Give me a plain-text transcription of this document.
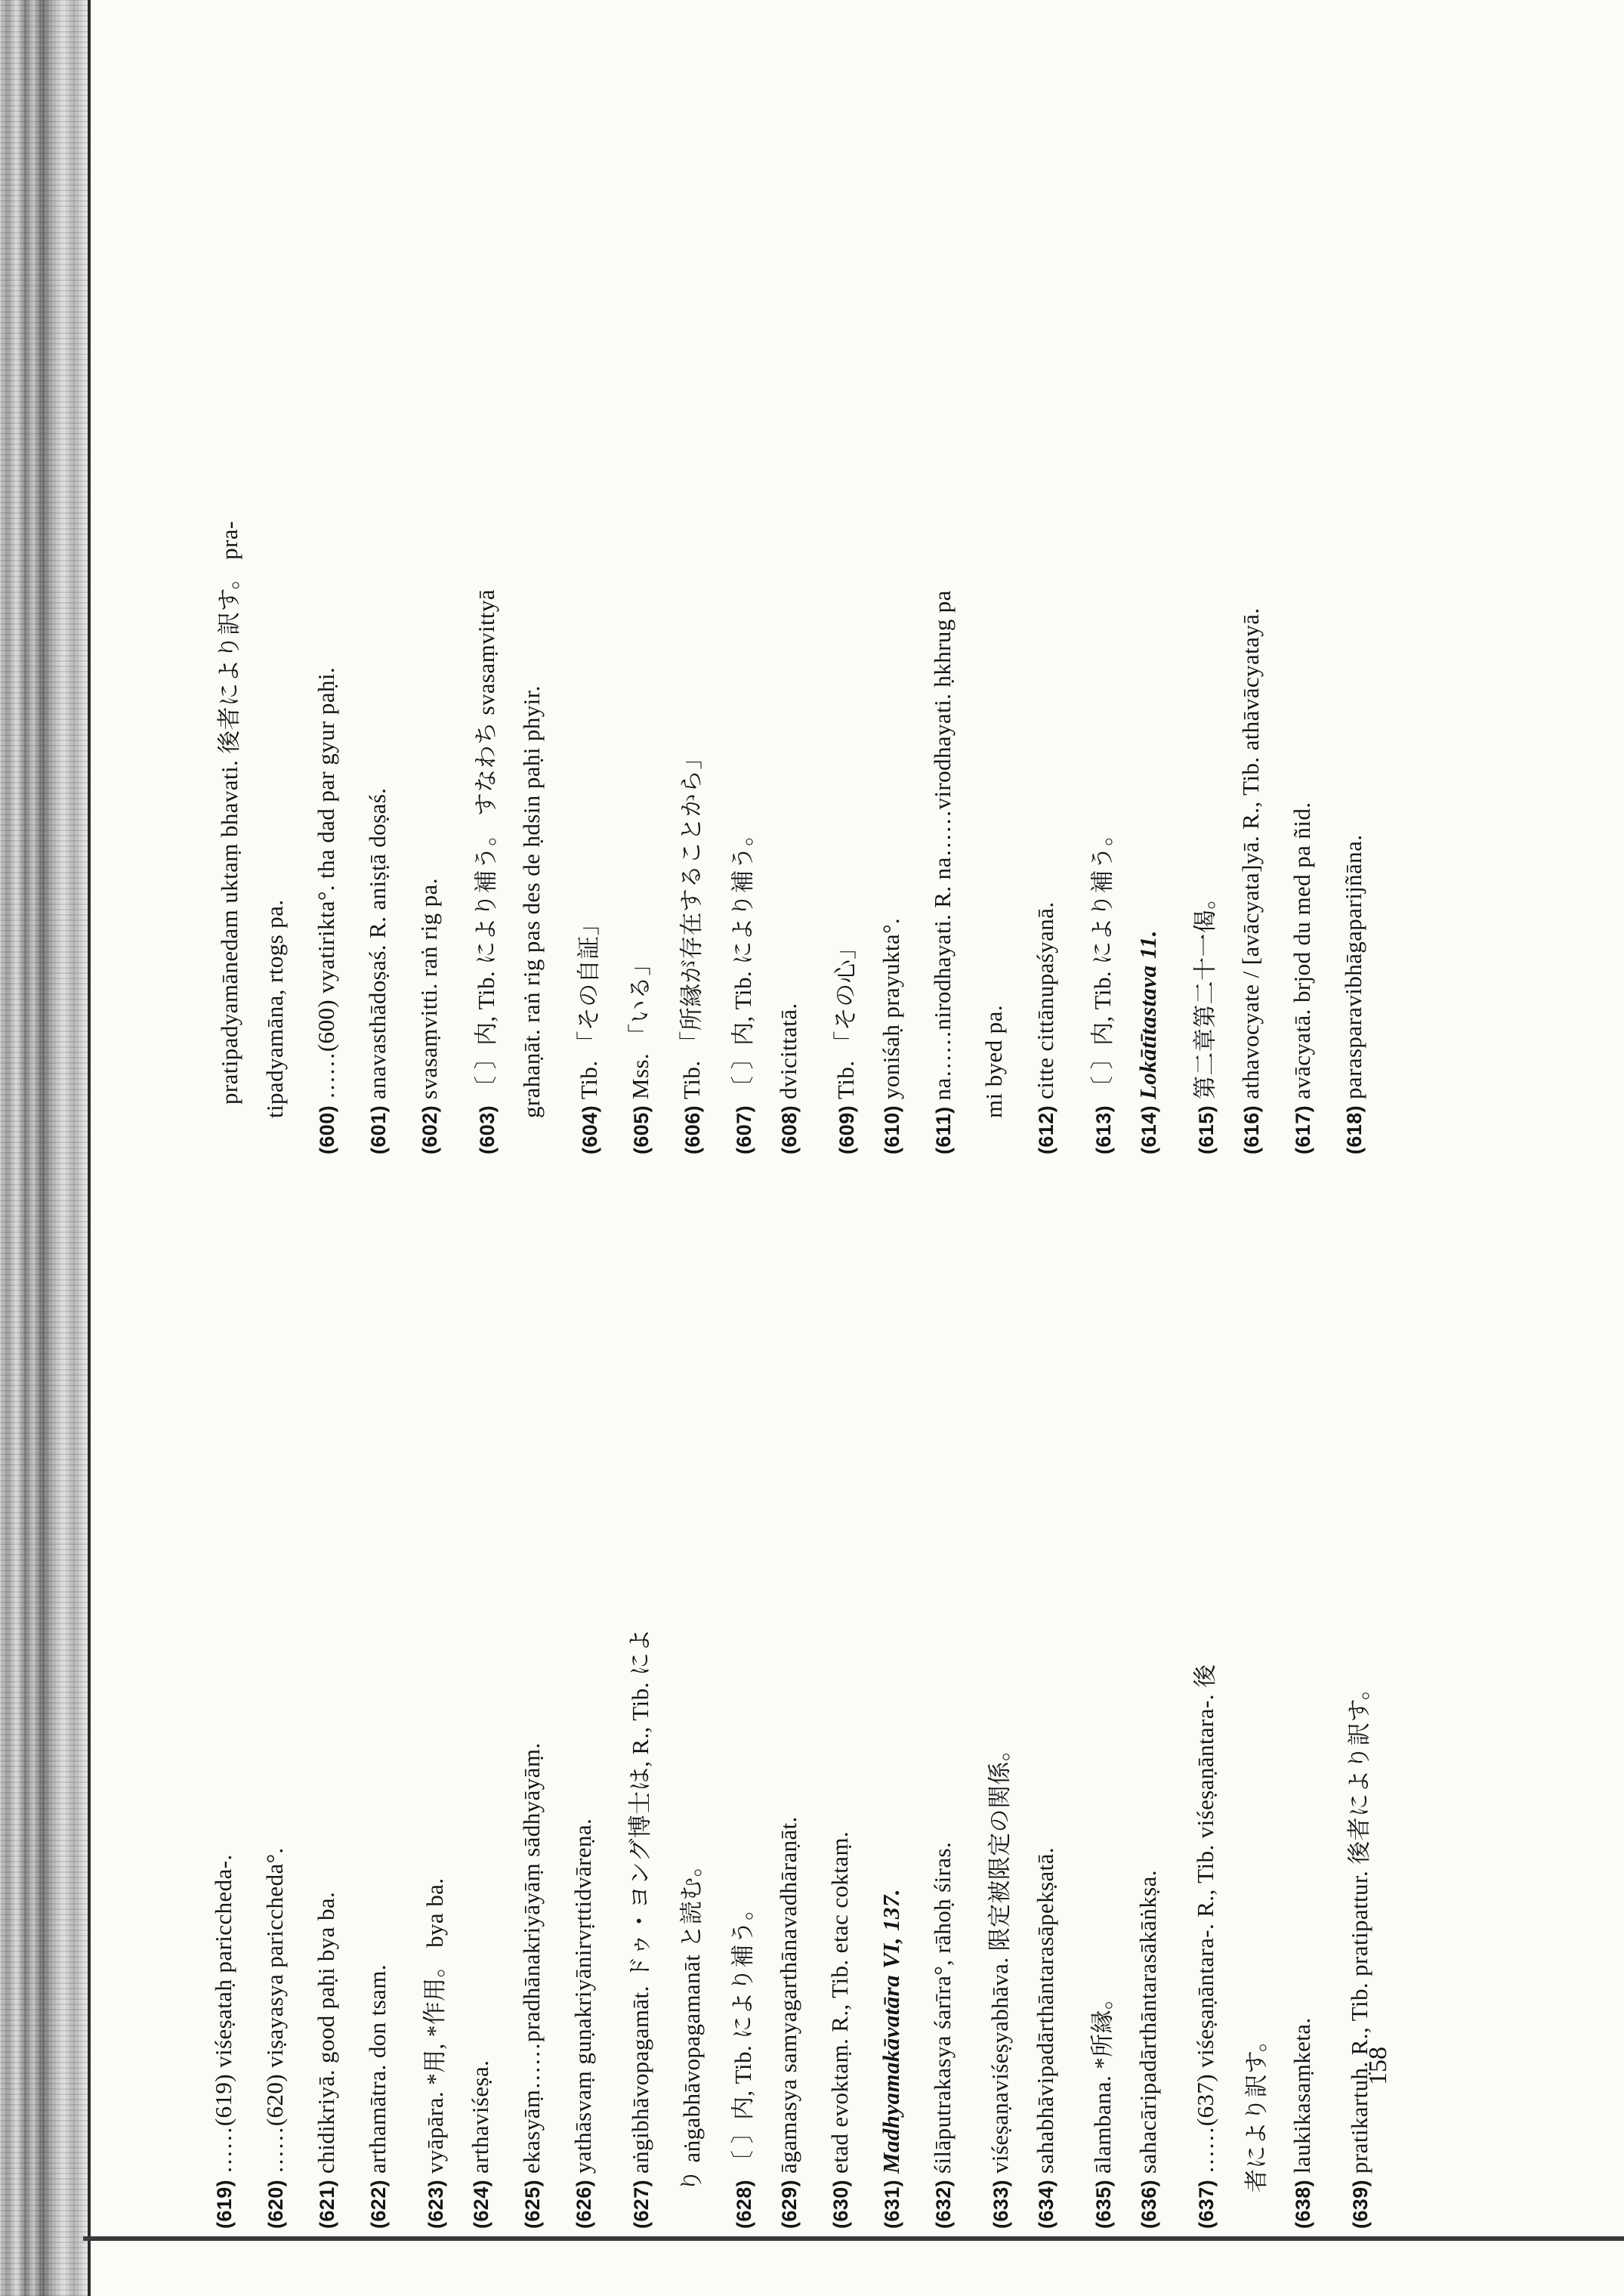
pratipadyamānedam uktaṃ bhavati. 後者により訳す。 pra- tipadyamāna, rtogs pa.
(600)……(600) vyatirikta°. tha dad par gyur paḥi.
(601)anavasthādoṣaś. R. aniṣṭā doṣaś.
(602)svasaṃvitti. raṅ rig pa.
(603)〔 〕内, Tib. により補う。 すなわち svasaṃvittyā grahaṇāt. raṅ rig pas des de ḥdsin paḥi phyir.
(604)Tib. 「その自証」
(605)Mss. 「いる」
(606)Tib. 「所縁が存在することから」
(607)〔 〕内, Tib. により補う。
(608)dvicittatā.
(609)Tib. 「その心」
(610)yoniśaḥ prayukta°.
(611)na……nirodhayati. R. na……virodhayati. ḥkhrug pa	mi byed pa.
(612)citte cittānupaśyanā.
(613)〔 〕内, Tib. により補う。
(614)Lokātītastava 11.
(615)第二章第二十一偈。
(616)athavocyate / [avācyata]yā. R., Tib. athāvācyatayā.
(617)avācyatā. brjod du med pa ñid.
(618)parasparavibhāgaparijñāna.
(619)……(619) viśeṣataḥ pariccheda-.
(620)……(620) viṣayasya pariccheda°.
(621)chidikriyā. good paḥi bya ba.
(622)arthamātra. don tsam.
(623)vyāpāra. *用, *作用。 bya ba.
(624)arthaviśeṣa.
(625)ekasyāṃ……pradhānakriyāyāṃ sādhyāyāṃ.
(626)yathāsvaṃ guṇakriyānirvṛttidvāreṇa.
(627)aṅgibhāvopagamāt. ドゥ・ヨング博士は, R., Tib. によ	り aṅgabhāvopagamanāt と読む。
(628)〔 〕内, Tib. により補う。
(629)āgamasya samyagarthānavadhāraṇāt.
(630)etad evoktaṃ. R., Tib. etac coktaṃ.
(631)Madhyamakāvatāra VI, 137.
(632)śilāputrakasya śarīra°, rāhoḥ śiras.
(633)viśeṣaṇaviśeṣyabhāva. 限定被限定の関係。
(634)sahabhāvipadārthāntarasāpekṣatā.
(635)ālambana. *所縁。
(636)sahacāripadārthāntarasākāṅkṣa.
(637)……(637) viśeṣaṇāntara-. R., Tib. viśeṣaṇāntara-. 後	者により訳す。
(638)laukikasaṃketa.
(639)pratikartuḥ. R., Tib. pratipattur. 後者により訳す。
158
